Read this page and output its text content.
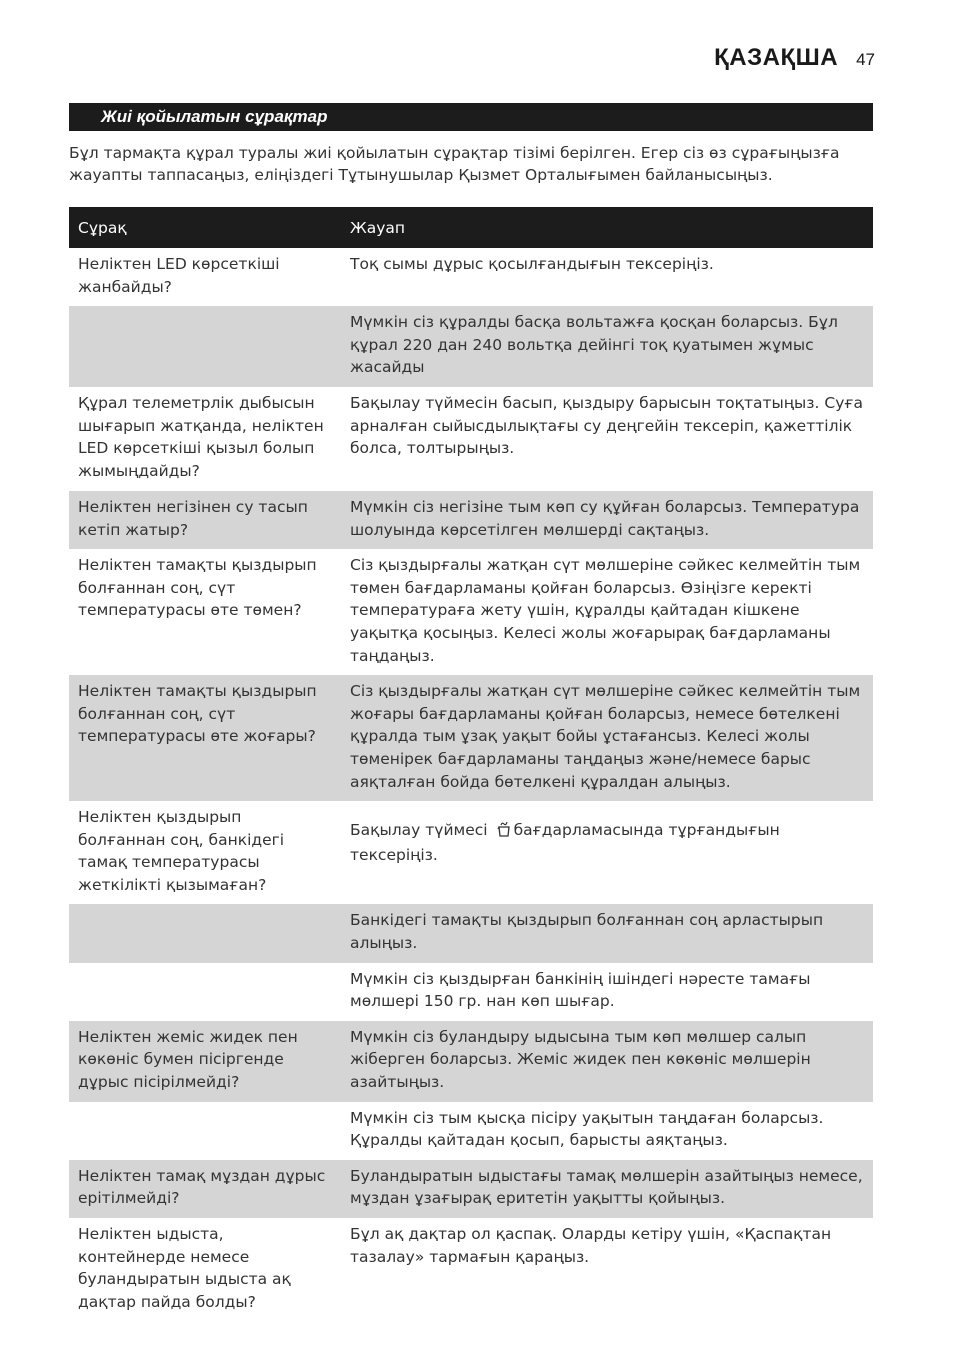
ҚАЗАҚША 47
Жиі қойылатын сұрақтар

Бұл тармақта құрал туралы жиі қойылатын сұрақтар тізімі берілген. Егер сіз өз сұрағыңызға жауапты таппасаңыз, еліңіздегі Тұтынушылар Қызмет Орталығымен байланысыңыз.

Сұрақ	Жауап
Неліктен LED көрсеткіші жанбайды?	Тоқ сымы дұрыс қосылғандығын тексеріңіз.
	Мүмкін сіз құралды басқа вольтажға қосқан боларсыз. Бұл құрал 220 дан 240 вольтқа дейінгі тоқ қуатымен жұмыс жасайды
Құрал телеметрлік дыбысын шығарып жатқанда, неліктен LED көрсеткіші қызыл болып жымыңдайды?	Бақылау түймесін басып, қыздыру барысын тоқтатыңыз. Суға арналған сыйысдылықтағы су деңгейін тексеріп, қажеттілік болса, толтырыңыз.
Неліктен негізінен су тасып кетіп жатыр?	Мүмкін сіз негізіне тым көп су құйған боларсыз. Температура шолуында көрсетілген мөлшерді сақтаңыз.
Неліктен тамақты қыздырып болғаннан соң, сүт температурасы өте төмен?	Сіз қыздырғалы жатқан сүт мөлшеріне сәйкес келмейтін тым төмен бағдарламаны қойған боларсыз. Өзіңізге керекті температураға жету үшін, құралды қайтадан кішкене уақытқа қосыңыз. Келесі жолы жоғарырақ бағдарламаны таңдаңыз.
Неліктен тамақты қыздырып болғаннан соң, сүт температурасы өте жоғары?	Сіз қыздырғалы жатқан сүт мөлшеріне сәйкес келмейтін тым жоғары бағдарламаны қойған боларсыз, немесе бөтелкені құралда тым ұзақ уақыт бойы ұстағансыз. Келесі жолы төменірек бағдарламаны таңдаңыз және/немесе барыс аяқталған бойда бөтелкені құралдан алыңыз.
Неліктен қыздырып болғаннан соң, банкідегі тамақ температурасы жеткілікті қызымаған?	Бақылау түймесі бағдарламасында тұрғандығын тексеріңіз.
	Банкідегі тамақты қыздырып болғаннан соң арластырып алыңыз.
	Мүмкін сіз қыздырған банкінің ішіндегі нәресте тамағы мөлшері 150 гр. нан көп шығар.
Неліктен жеміс жидек пен көкөніс бумен пісіргенде дұрыс пісірілмейді?	Мүмкін сіз буландыру ыдысына тым көп мөлшер салып жіберген боларсыз. Жеміс жидек пен көкөніс мөлшерін азайтыңыз.
	Мүмкін сіз тым қысқа пісіру уақытын таңдаған боларсыз. Құралды қайтадан қосып, барысты аяқтаңыз.
Неліктен тамақ мұздан дұрыс ерітілмейді?	Буландыратын ыдыстағы тамақ мөлшерін азайтыңыз немесе, мұздан ұзағырақ еритетін уақытты қойыңыз.
Неліктен ыдыста, контейнерде немесе буландыратын ыдыста ақ дақтар пайда болды?	Бұл ақ дақтар ол қаспақ. Оларды кетіру үшін, «Қаспақтан тазалау» тармағын қараңыз.
